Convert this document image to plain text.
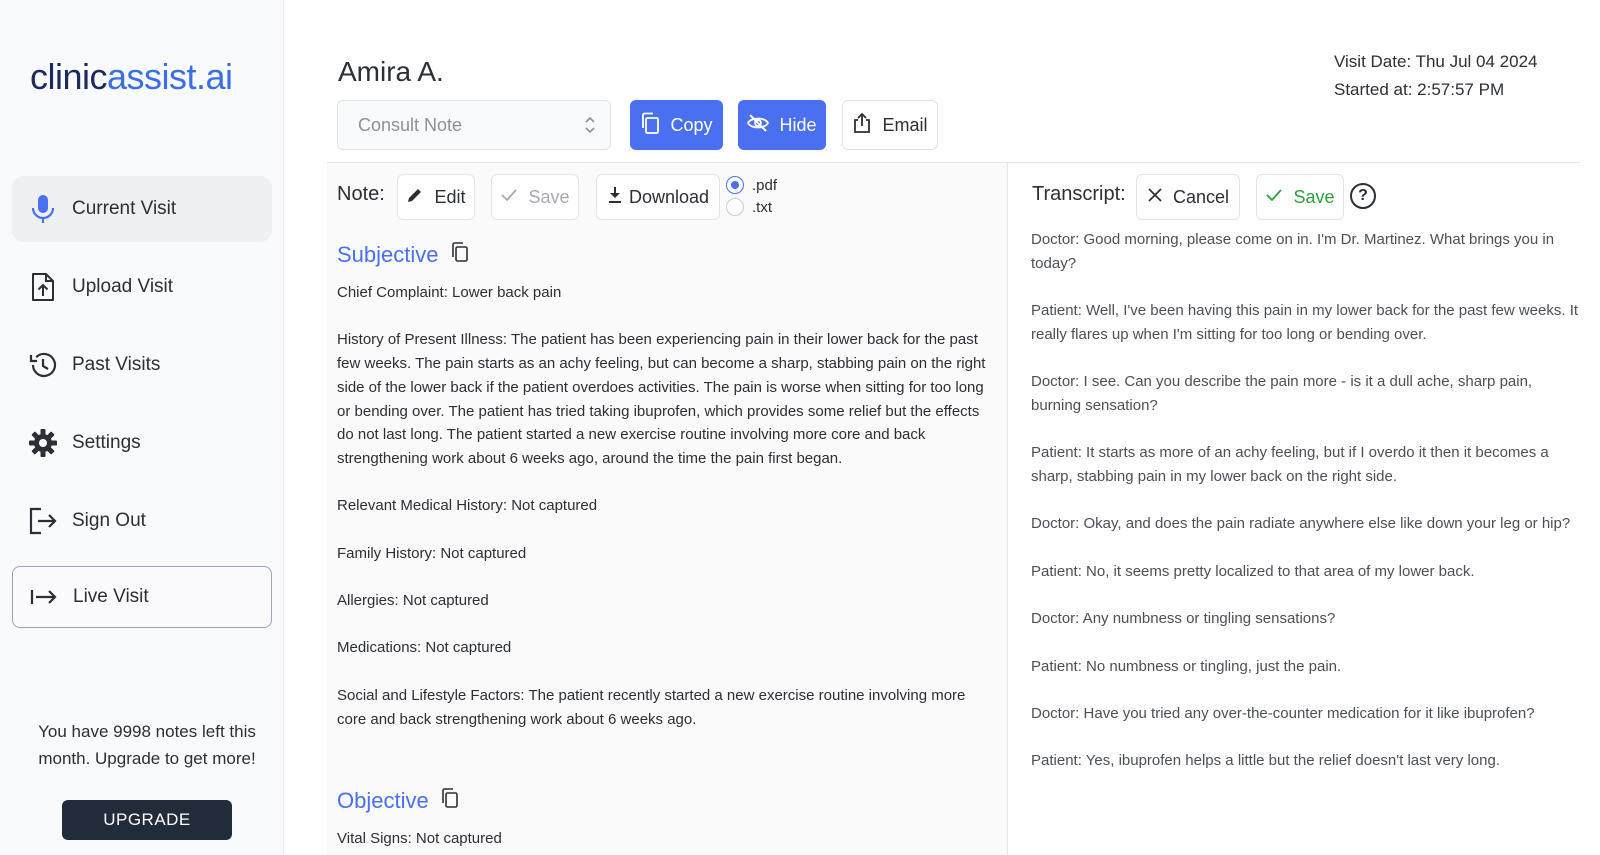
clinicassist.ai
Current Visit
Upload Visit
Past Visits
Settings
Sign Out
Live Visit
You have 9998 notes left this month. Upgrade to get more!
UPGRADE
Amira A.	Visit Date: Thu Jul 04 2024
Started at: 2:57:57 PM
Consult Note	Copy	Hide	Email
Note:	Edit	Save	Download
.pdf
.txt
Subjective

Chief Complaint: Lower back pain

History of Present Illness: The patient has been experiencing pain in their lower back for the past few weeks. The pain starts as an achy feeling, but can become a sharp, stabbing pain on the right side of the lower back if the patient overdoes activities. The pain is worse when sitting for too long or bending over. The patient has tried taking ibuprofen, which provides some relief but the effects do not last long. The patient started a new exercise routine involving more core and back strengthening work about 6 weeks ago, around the time the pain first began.

Relevant Medical History: Not captured

Family History: Not captured

Allergies: Not captured

Medications: Not captured

Social and Lifestyle Factors: The patient recently started a new exercise routine involving more core and back strengthening work about 6 weeks ago.

Objective

Vital Signs: Not captured

Transcript:	Cancel	Save	?

Doctor: Good morning, please come on in. I'm Dr. Martinez. What brings you in today?

Patient: Well, I've been having this pain in my lower back for the past few weeks. It really flares up when I'm sitting for too long or bending over.

Doctor: I see. Can you describe the pain more - is it a dull ache, sharp pain, burning sensation?

Patient: It starts as more of an achy feeling, but if I overdo it then it becomes a sharp, stabbing pain in my lower back on the right side.

Doctor: Okay, and does the pain radiate anywhere else like down your leg or hip?

Patient: No, it seems pretty localized to that area of my lower back.

Doctor: Any numbness or tingling sensations?

Patient: No numbness or tingling, just the pain.

Doctor: Have you tried any over-the-counter medication for it like ibuprofen?

Patient: Yes, ibuprofen helps a little but the relief doesn't last very long.
